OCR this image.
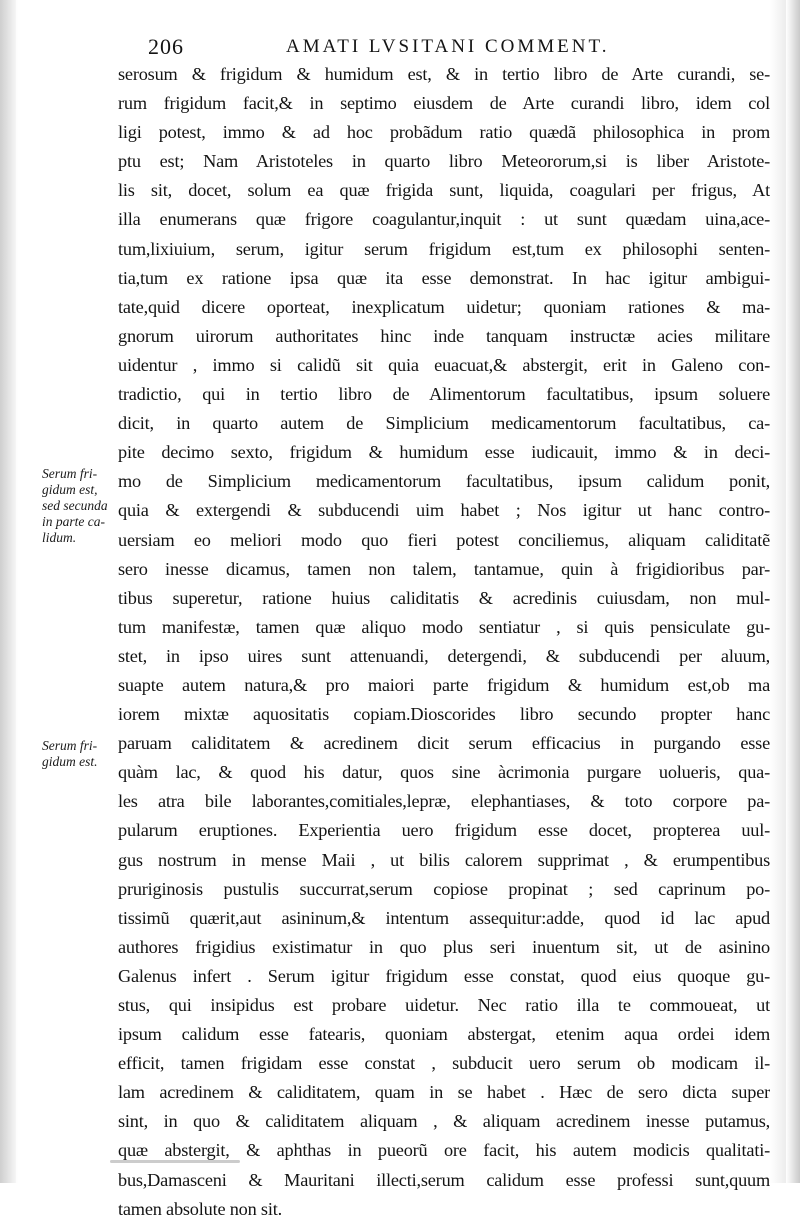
206	AMATI LVSITANI COMMENT.
Serum fri-
gidum est,
sed secunda
in parte ca-
lidum.
Serum fri-
gidum est.
serosum & frigidum & humidum est, & in tertio libro de Arte curandi, se-
rum frigidum facit,& in septimo eiusdem de Arte curandi libro, idem col
ligi potest, immo & ad hoc probãdum ratio quædã philosophica in prom
ptu est; Nam Aristoteles in quarto libro Meteororum,si is liber Aristote-
lis sit, docet, solum ea quæ frigida sunt, liquida, coagulari per frigus, At
illa enumerans quæ frigore coagulantur,inquit : ut sunt quædam uina,ace-
tum,lixiuium, serum, igitur serum frigidum est,tum ex philosophi senten-
tia,tum ex ratione ipsa quæ ita esse demonstrat. In hac igitur ambigui-
tate,quid dicere oporteat, inexplicatum uidetur; quoniam rationes & ma-
gnorum uirorum authoritates hinc inde tanquam instructæ acies militare
uidentur , immo si calidũ sit quia euacuat,& abstergit, erit in Galeno con-
tradictio, qui in tertio libro de Alimentorum facultatibus, ipsum soluere
dicit, in quarto autem de Simplicium medicamentorum facultatibus, ca-
pite decimo sexto, frigidum & humidum esse iudicauit, immo & in deci-
mo de Simplicium medicamentorum facultatibus, ipsum calidum ponit,
quia & extergendi & subducendi uim habet ; Nos igitur ut hanc contro-
uersiam eo meliori modo quo fieri potest conciliemus, aliquam caliditatẽ
sero inesse dicamus, tamen non talem, tantamue, quin à frigidioribus par-
tibus superetur, ratione huius caliditatis & acredinis cuiusdam, non mul-
tum manifestæ, tamen quæ aliquo modo sentiatur , si quis pensiculate gu-
stet, in ipso uires sunt attenuandi, detergendi, & subducendi per aluum,
suapte autem natura,& pro maiori parte frigidum & humidum est,ob ma
iorem mixtæ aquositatis copiam.Dioscorides libro secundo propter hanc
paruam caliditatem & acredinem dicit serum efficacius in purgando esse
quàm lac, & quod his datur, quos sine àcrimonia purgare uolueris, qua-
les atra bile laborantes,comitiales,lepræ, elephantiases, & toto corpore pa-
pularum eruptiones. Experientia uero frigidum esse docet, propterea uul-
gus nostrum in mense Maii , ut bilis calorem supprimat , & erumpentibus
pruriginosis pustulis succurrat,serum copiose propinat ; sed caprinum po-
tissimũ quærit,aut asininum,& intentum assequitur:adde, quod id lac apud
authores frigidius existimatur in quo plus seri inuentum sit, ut de asinino
Galenus infert . Serum igitur frigidum esse constat, quod eius quoque gu-
stus, qui insipidus est probare uidetur. Nec ratio illa te commoueat, ut
ipsum calidum esse fatearis, quoniam abstergat, etenim aqua ordei idem
efficit, tamen frigidam esse constat , subducit uero serum ob modicam il-
lam acredinem & caliditatem, quam in se habet . Hæc de sero dicta super
sint, in quo & caliditatem aliquam , & aliquam acredinem inesse putamus,
quæ abstergit, & aphthas in pueorũ ore facit, his autem modicis qualitati-
bus,Damasceni & Mauritani illecti,serum calidum esse professi sunt,quum
tamen absolute non sit.
